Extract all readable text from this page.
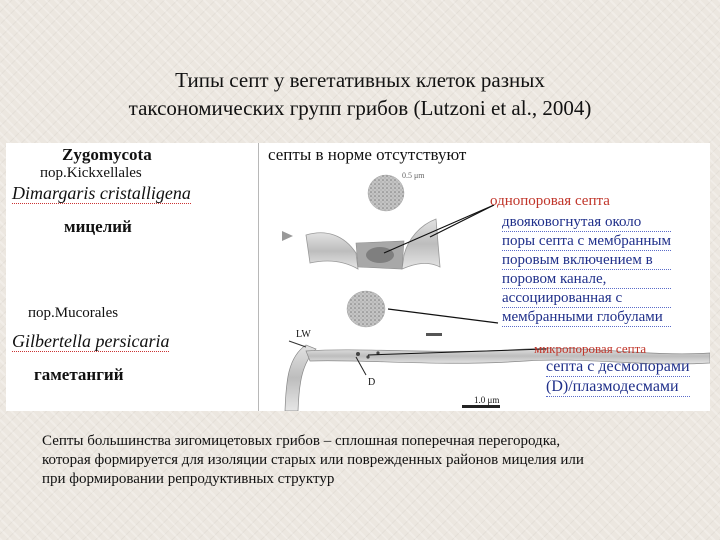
Типы септ у вегетативных клеток разных
таксономических групп грибов (Lutzoni et al., 2004)
Zygomycota
пор.Kickxellales
Dimargaris cristalligena
мицелий
пор.Mucorales
Gilbertella persicaria
гаметангий
септы в норме отсутствуют
0.5 μm
однопоровая септа
двояковогнутая около
поры септа с мембранным
поровым включением в
поровом канале,
ассоциированная с
мембранными глобулами
LW
микропоровая септа
септа с десмопорами
(D)/плазмодесмами
D
1.0 μm
Септы большинства зигомицетовых грибов – сплошная поперечная перегородка,
которая формируется для изоляции старых или поврежденных районов мицелия или
при формировании репродуктивных структур
